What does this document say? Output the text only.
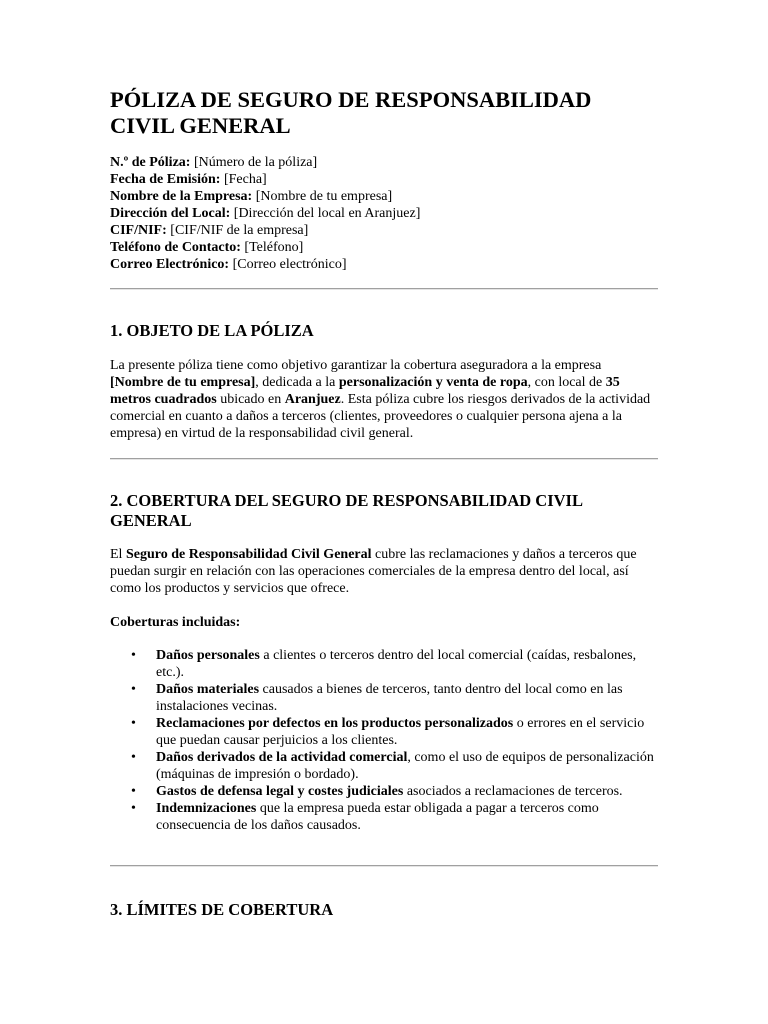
PÓLIZA DE SEGURO DE RESPONSABILIDAD CIVIL GENERAL
N.º de Póliza: [Número de la póliza]
Fecha de Emisión: [Fecha]
Nombre de la Empresa: [Nombre de tu empresa]
Dirección del Local: [Dirección del local en Aranjuez]
CIF/NIF: [CIF/NIF de la empresa]
Teléfono de Contacto: [Teléfono]
Correo Electrónico: [Correo electrónico]
1. OBJETO DE LA PÓLIZA

La presente póliza tiene como objetivo garantizar la cobertura aseguradora a la empresa [Nombre de tu empresa], dedicada a la personalización y venta de ropa, con local de 35 metros cuadrados ubicado en Aranjuez. Esta póliza cubre los riesgos derivados de la actividad comercial en cuanto a daños a terceros (clientes, proveedores o cualquier persona ajena a la empresa) en virtud de la responsabilidad civil general.

2. COBERTURA DEL SEGURO DE RESPONSABILIDAD CIVIL GENERAL

El Seguro de Responsabilidad Civil General cubre las reclamaciones y daños a terceros que puedan surgir en relación con las operaciones comerciales de la empresa dentro del local, así como los productos y servicios que ofrece.

Coberturas incluidas:

• Daños personales a clientes o terceros dentro del local comercial (caídas, resbalones, etc.).
• Daños materiales causados a bienes de terceros, tanto dentro del local como en las instalaciones vecinas.
• Reclamaciones por defectos en los productos personalizados o errores en el servicio que puedan causar perjuicios a los clientes.
• Daños derivados de la actividad comercial, como el uso de equipos de personalización (máquinas de impresión o bordado).
• Gastos de defensa legal y costes judiciales asociados a reclamaciones de terceros.
• Indemnizaciones que la empresa pueda estar obligada a pagar a terceros como consecuencia de los daños causados.
3. LÍMITES DE COBERTURA
